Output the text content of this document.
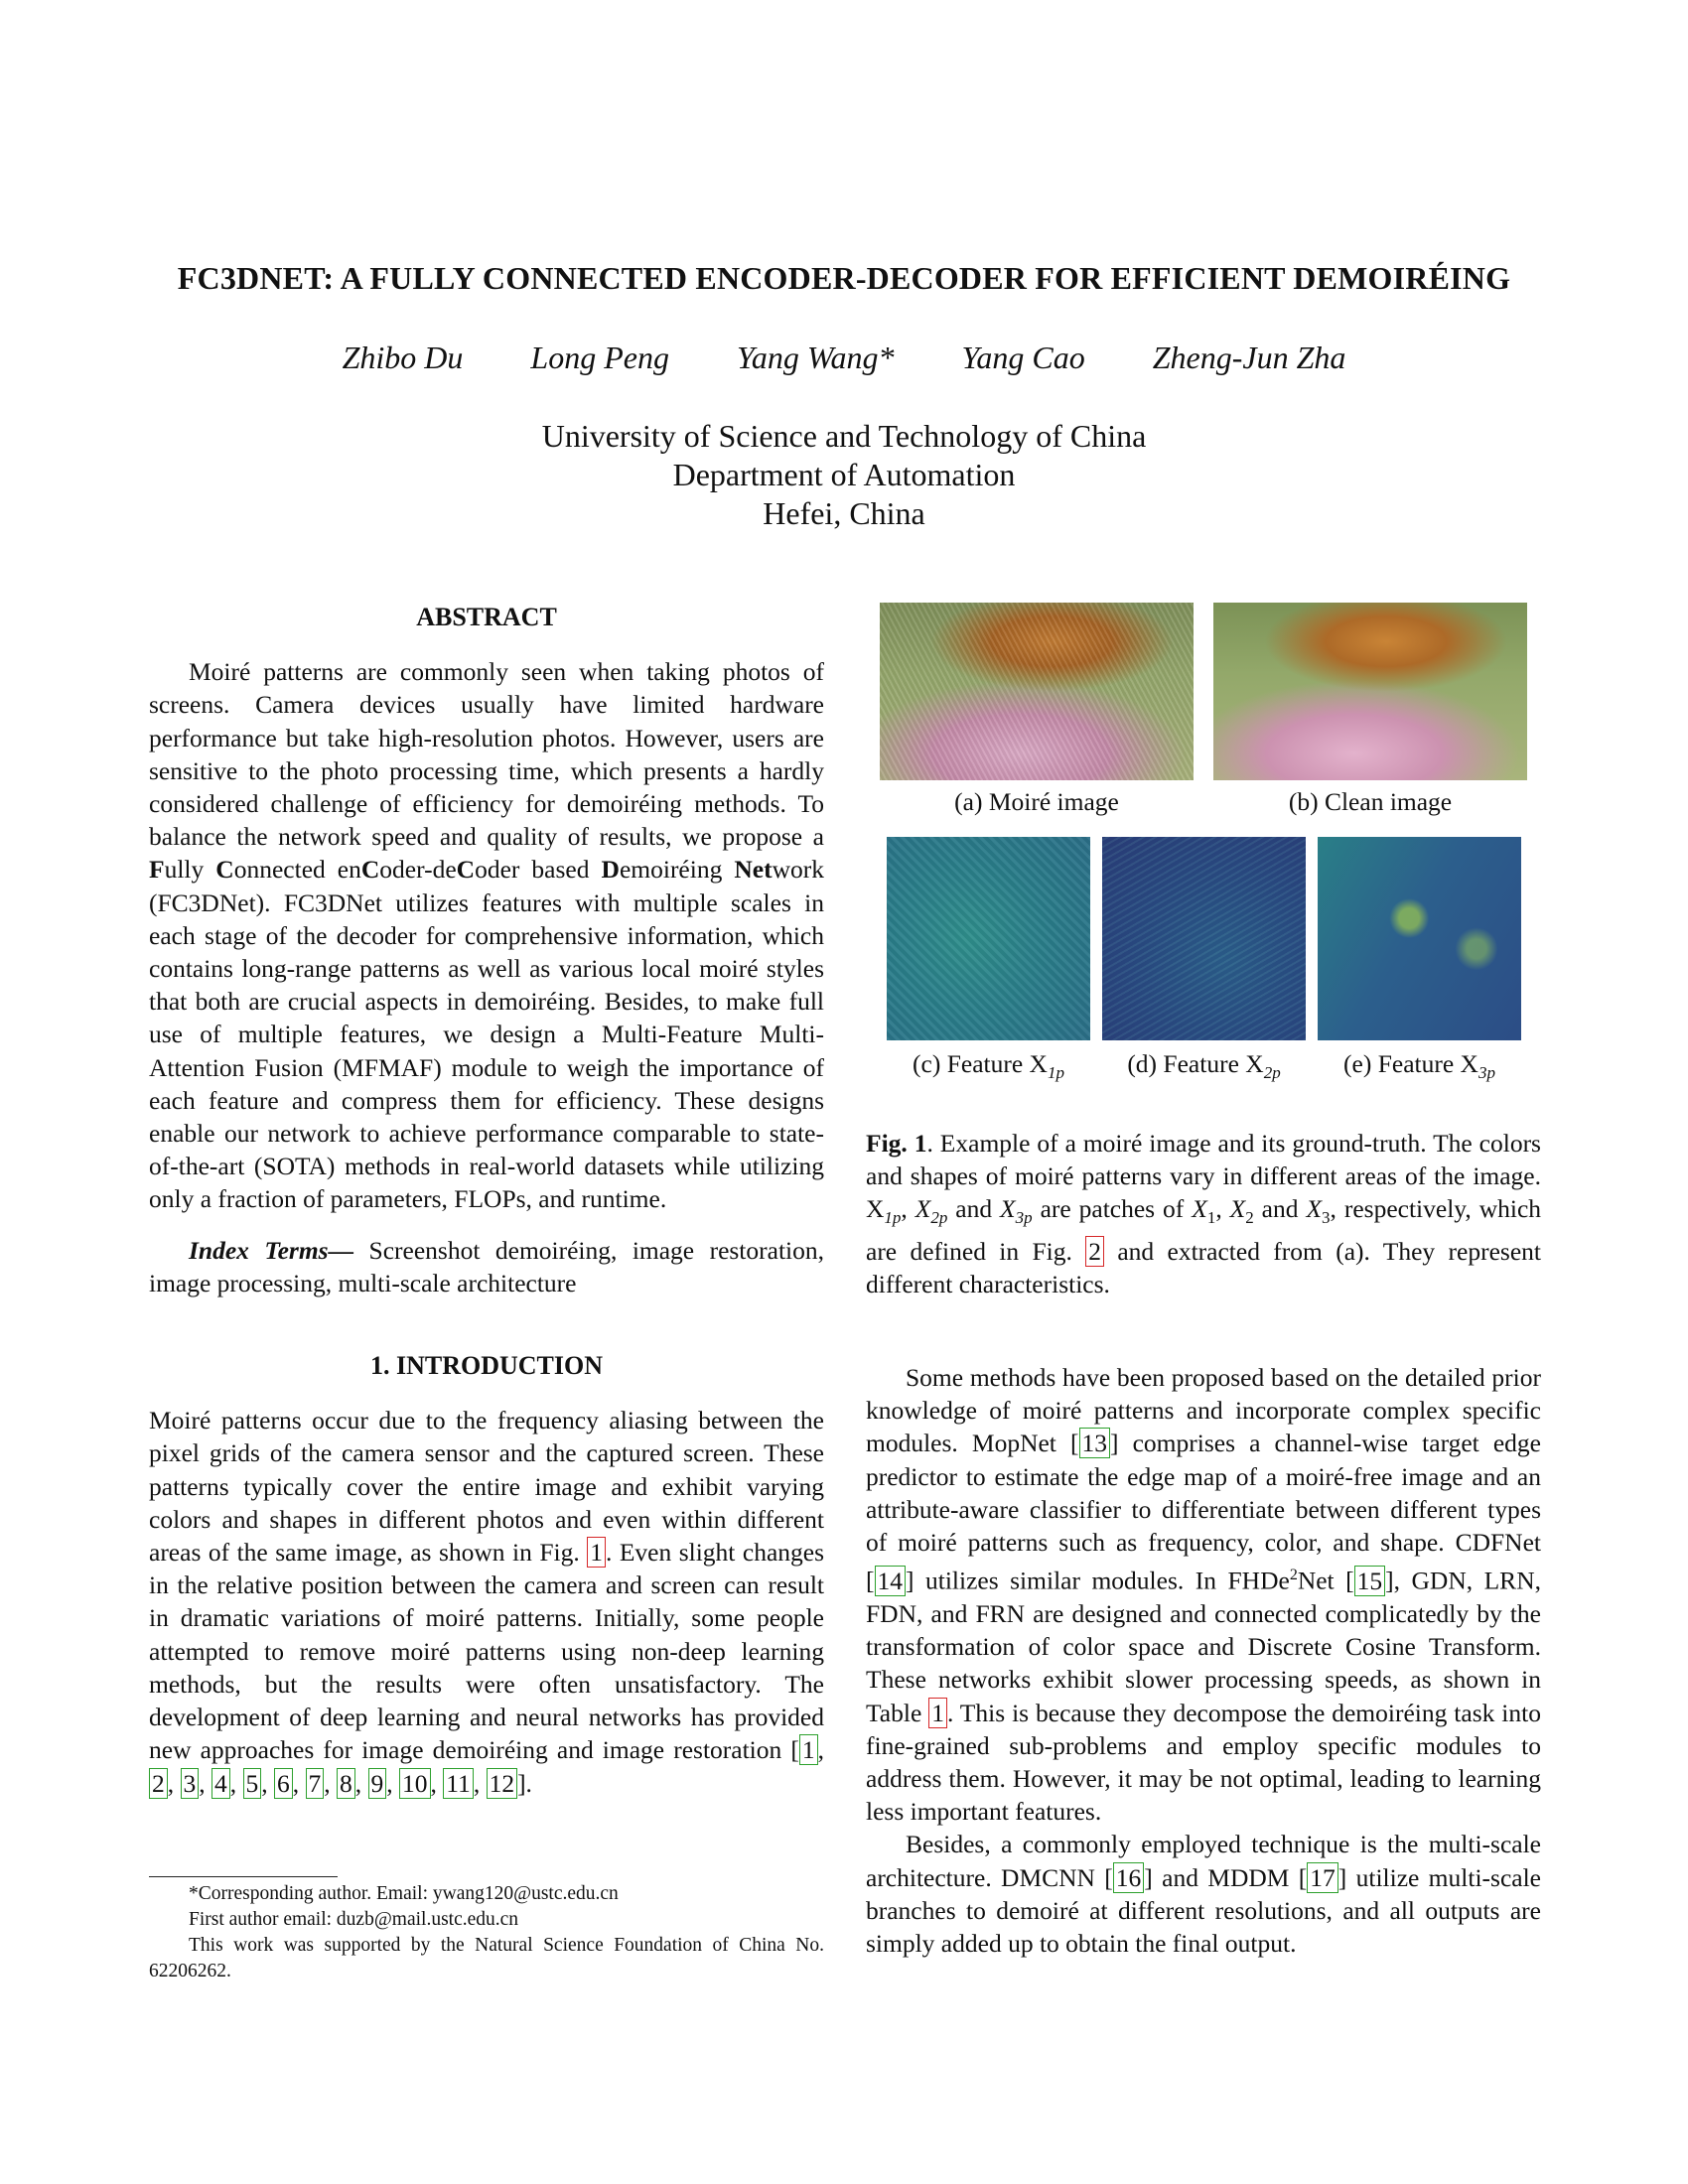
FC3DNET: A FULLY CONNECTED ENCODER-DECODER FOR EFFICIENT DEMOIRÉING
Zhibo Du Long Peng Yang Wang* Yang Cao Zheng-Jun Zha
University of Science and Technology of China
Department of Automation
Hefei, China

ABSTRACT

Moiré patterns are commonly seen when taking photos of screens. Camera devices usually have limited hardware performance but take high-resolution photos. However, users are sensitive to the photo processing time, which presents a hardly considered challenge of efficiency for demoiréing methods. To balance the network speed and quality of results, we propose a Fully Connected enCoder-deCoder based Demoiréing Network (FC3DNet). FC3DNet utilizes features with multiple scales in each stage of the decoder for comprehensive information, which contains long-range patterns as well as various local moiré styles that both are crucial aspects in demoiréing. Besides, to make full use of multiple features, we design a Multi-Feature Multi-Attention Fusion (MFMAF) module to weigh the importance of each feature and compress them for efficiency. These designs enable our network to achieve performance comparable to state-of-the-art (SOTA) methods in real-world datasets while utilizing only a fraction of parameters, FLOPs, and runtime.

Index Terms— Screenshot demoiréing, image restoration, image processing, multi-scale architecture

1. INTRODUCTION

Moiré patterns occur due to the frequency aliasing between the pixel grids of the camera sensor and the captured screen. These patterns typically cover the entire image and exhibit varying colors and shapes in different photos and even within different areas of the same image, as shown in Fig. 1 . Even slight changes in the relative position between the camera and screen can result in dramatic variations of moiré patterns. Initially, some people attempted to remove moiré patterns using non-deep learning methods, but the results were often unsatisfactory. The development of deep learning and neural networks has provided new approaches for image demoiréing and image restoration [ 1 , 2 , 3 , 4 , 5 , 6 , 7 , 8 , 9 , 10 , 11 , 12 ].

*Corresponding author. Email: ywang120@ustc.edu.cn

First author email: duzb@mail.ustc.edu.cn

This work was supported by the Natural Science Foundation of China No. 62206262.

(a) Moiré image	(b) Clean image
(c) Feature $X_{1p}$	(d) Feature $X_{2p}$	(e) Feature $X_{3p}$
Fig. 1. Example of a moiré image and its ground-truth. The colors and shapes of moiré patterns vary in different areas of the image. $X_{1p}$, $X_{2p}$ and $X_{3p}$ are patches of $X_1$, $X_2$ and $X_3$, respectively, which are defined in Fig. 2 and extracted from (a). They represent different characteristics.

Some methods have been proposed based on the detailed prior knowledge of moiré patterns and incorporate complex specific modules. MopNet [ 13 ] comprises a channel-wise target edge predictor to estimate the edge map of a moiré-free image and an attribute-aware classifier to differentiate between different types of moiré patterns such as frequency, color, and shape. CDFNet [ 14 ] utilizes similar modules. In FHDe$^2$Net [ 15 ], GDN, LRN, FDN, and FRN are designed and connected complicatedly by the transformation of color space and Discrete Cosine Transform. These networks exhibit slower processing speeds, as shown in Table 1 . This is because they decompose the demoiréing task into fine-grained sub-problems and employ specific modules to address them. However, it may be not optimal, leading to learning less important features.

Besides, a commonly employed technique is the multi-scale architecture. DMCNN [ 16 ] and MDDM [ 17 ] utilize multi-scale branches to demoiré at different resolutions, and all outputs are simply added up to obtain the final output.
